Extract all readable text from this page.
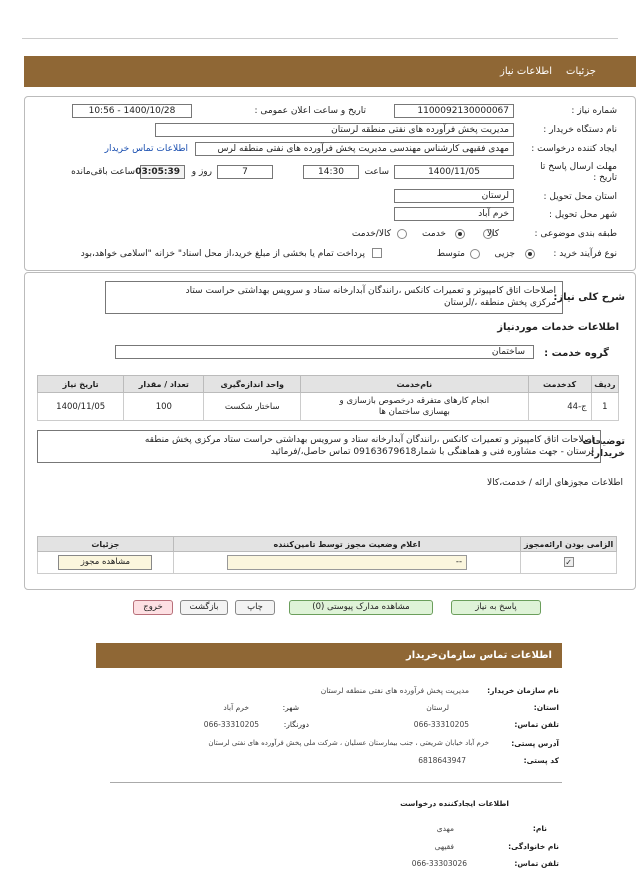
جزئیات
اطلاعات نیاز
شماره نیاز :
1100092130000067
تاریخ و ساعت اعلان عمومی :
1400/10/28 - 10:56
نام دستگاه خریدار :
مدیریت پخش فرآورده های نفتی منطقه لرستان
ایجاد کننده درخواست :
مهدی فقیهی کارشناس مهندسی مدیریت پخش فرآورده های نفتی منطقه لرس
اطلاعات تماس خریدار
مهلت ارسال پاسخ تا تاریخ :
1400/11/05
ساعت
14:30
7
روز و
03:05:39
ساعت باقی‌مانده
استان محل تحویل :
لرستان
شهر محل تحویل :
خرم آباد
طبقه بندی موضوعی :
کالا
خدمت
کالا/خدمت
نوع فرآیند خرید :
جزیی
متوسط
پرداخت تمام یا بخشی از مبلغ خرید،از محل اسناد" خزانه "اسلامی خواهد،بود
شرح کلی نیاز:
اصلاحات اتاق کامپیوتر و تعمیرات کانکس ،رانندگان آبدارخانه ستاد و سرویس بهداشتی حراست ستاد
مرکزی پخش منطقه ،/لرستان
اطلاعات خدمات موردنیاز
گروه خدمت :
ساختمان
ردیف	کدخدمت	نام‌خدمت	واحد اندازه‌گیری	تعداد / مقدار	تاریخ نیاز
1	ج-44	انجام کارهای متفرقه درخصوص بازسازی و
بهسازی ساختمان ها	ساختار شکست	100	1400/11/05
توضیحات خریدار:
اصلاحات اتاق کامپیوتر و تعمیرات کانکس ،رانندگان آبدارخانه ستاد و سرویس بهداشتی حراست ستاد مرکزی پخش منطقه
لرستان - جهت مشاوره فنی و هماهنگی با شمار09163679618 تماس حاصل،/فرمائید
اطلاعات مجوزهای ارائه / خدمت،کالا
الزامی بودن ارائه‌مجوز	اعلام وضعیت مجوز توسط تامین‌کننده	جزئیات
✓	--	مشاهده مجوز
پاسخ به نیاز
مشاهده مدارک پیوستی (0)
چاپ
بازگشت
خروج
اطلاعات تماس سازمان‌خریدار
نام سازمان خریدار:
مدیریت پخش فرآورده های نفتی منطقه لرستان
استان:
لرستان
شهر:
خرم آباد
تلفن تماس:
066-33310205
دورنگار:
066-33310205
آدرس پستی:
خرم آباد خیابان شریعتی ، جنب بیمارستان عسلیان ، شرکت ملی پخش فرآورده های نفتی لرستان
کد پستی:
6818643947
اطلاعات ایجادکننده درخواست
نام:
مهدی
نام خانوادگی:
فقیهی
تلفن تماس:
066-33303026
